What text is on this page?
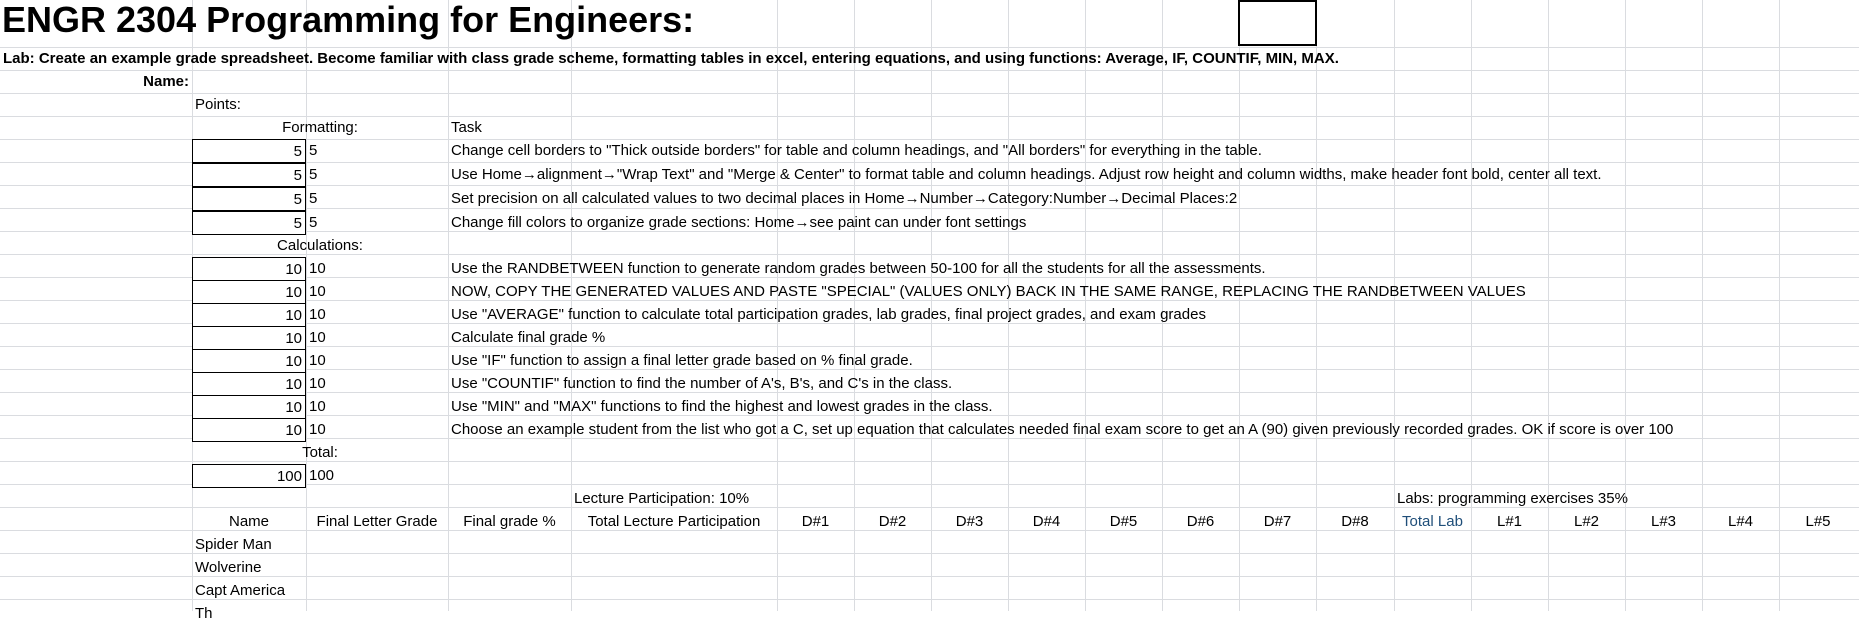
ENGR 2304 Programming for Engineers:
Lab: Create an example grade spreadsheet. Become familiar with class grade scheme, formatting tables in excel, entering equations, and using functions: Average, IF, COUNTIF, MIN, MAX.
Name:
Points:
Formatting:	Task
5 5	Change cell borders to "Thick outside borders" for table and column headings, and "All borders" for everything in the table.
5 5	Use Home→alignment→"Wrap Text" and "Merge & Center" to format table and column headings. Adjust row height and column widths, make header font bold, center all text.
5 5	Set precision on all calculated values to two decimal places in Home→Number→Category:Number→Decimal Places:2
5 5	Change fill colors to organize grade sections: Home→see paint can under font settings
Calculations:
10 10	Use the RANDBETWEEN function to generate random grades between 50-100 for all the students for all the assessments.
10 10	NOW, COPY THE GENERATED VALUES AND PASTE "SPECIAL" (VALUES ONLY) BACK IN THE SAME RANGE, REPLACING THE RANDBETWEEN VALUES
10 10	Use "AVERAGE" function to calculate total participation grades, lab grades, final project grades, and exam grades
10 10	Calculate final grade %
10 10	Use "IF" function to assign a final letter grade based on % final grade.
10 10	Use "COUNTIF" function to find the number of A's, B's, and C's in the class.
10 10	Use "MIN" and "MAX" functions to find the highest and lowest grades in the class.
10 10	Choose an example student from the list who got a C, set up equation that calculates needed final exam score to get an A (90) given previously recorded grades. OK if score is over 100
Total:
100 100
Lecture Participation: 10%	Labs: programming exercises 35%
Name	Final Letter Grade	Final grade %	Total Lecture Participation	D#1	D#2	D#3	D#4	D#5	D#6	D#7	D#8	Total Lab	L#1	L#2	L#3	L#4	L#5
Spider Man
Wolverine
Capt America
Th
